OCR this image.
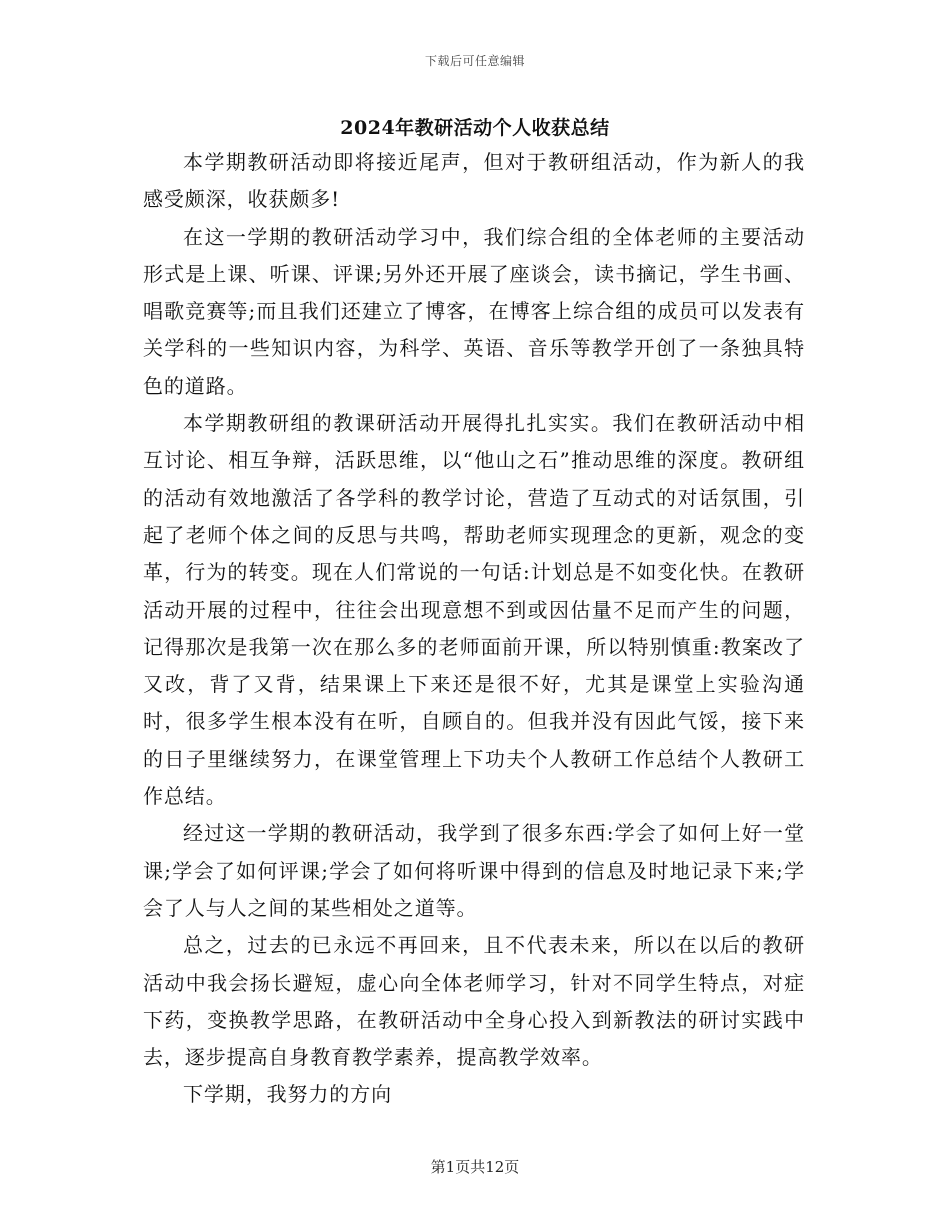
下载后可任意编辑
2024年教研活动个人收获总结

本学期教研活动即将接近尾声，但对于教研组活动，作为新人的我感受颇深，收获颇多!

在这一学期的教研活动学习中，我们综合组的全体老师的主要活动形式是上课、听课、评课;另外还开展了座谈会，读书摘记，学生书画、唱歌竞赛等;而且我们还建立了博客，在博客上综合组的成员可以发表有关学科的一些知识内容，为科学、英语、音乐等教学开创了一条独具特色的道路。

本学期教研组的教课研活动开展得扎扎实实。我们在教研活动中相互讨论、相互争辩，活跃思维，以“他山之石”推动思维的深度。教研组的活动有效地激活了各学科的教学讨论，营造了互动式的对话氛围，引起了老师个体之间的反思与共鸣，帮助老师实现理念的更新，观念的变革，行为的转变。现在人们常说的一句话:计划总是不如变化快。在教研活动开展的过程中，往往会出现意想不到或因估量不足而产生的问题，记得那次是我第一次在那么多的老师面前开课，所以特别慎重:教案改了又改，背了又背，结果课上下来还是很不好，尤其是课堂上实验沟通时，很多学生根本没有在听，自顾自的。但我并没有因此气馁，接下来的日子里继续努力，在课堂管理上下功夫个人教研工作总结个人教研工作总结。

经过这一学期的教研活动，我学到了很多东西:学会了如何上好一堂课;学会了如何评课;学会了如何将听课中得到的信息及时地记录下来;学会了人与人之间的某些相处之道等。

总之，过去的已永远不再回来，且不代表未来，所以在以后的教研活动中我会扬长避短，虚心向全体老师学习，针对不同学生特点，对症下药，变换教学思路，在教研活动中全身心投入到新教法的研讨实践中去，逐步提高自身教育教学素养，提高教学效率。

下学期，我努力的方向

第1页共12页
